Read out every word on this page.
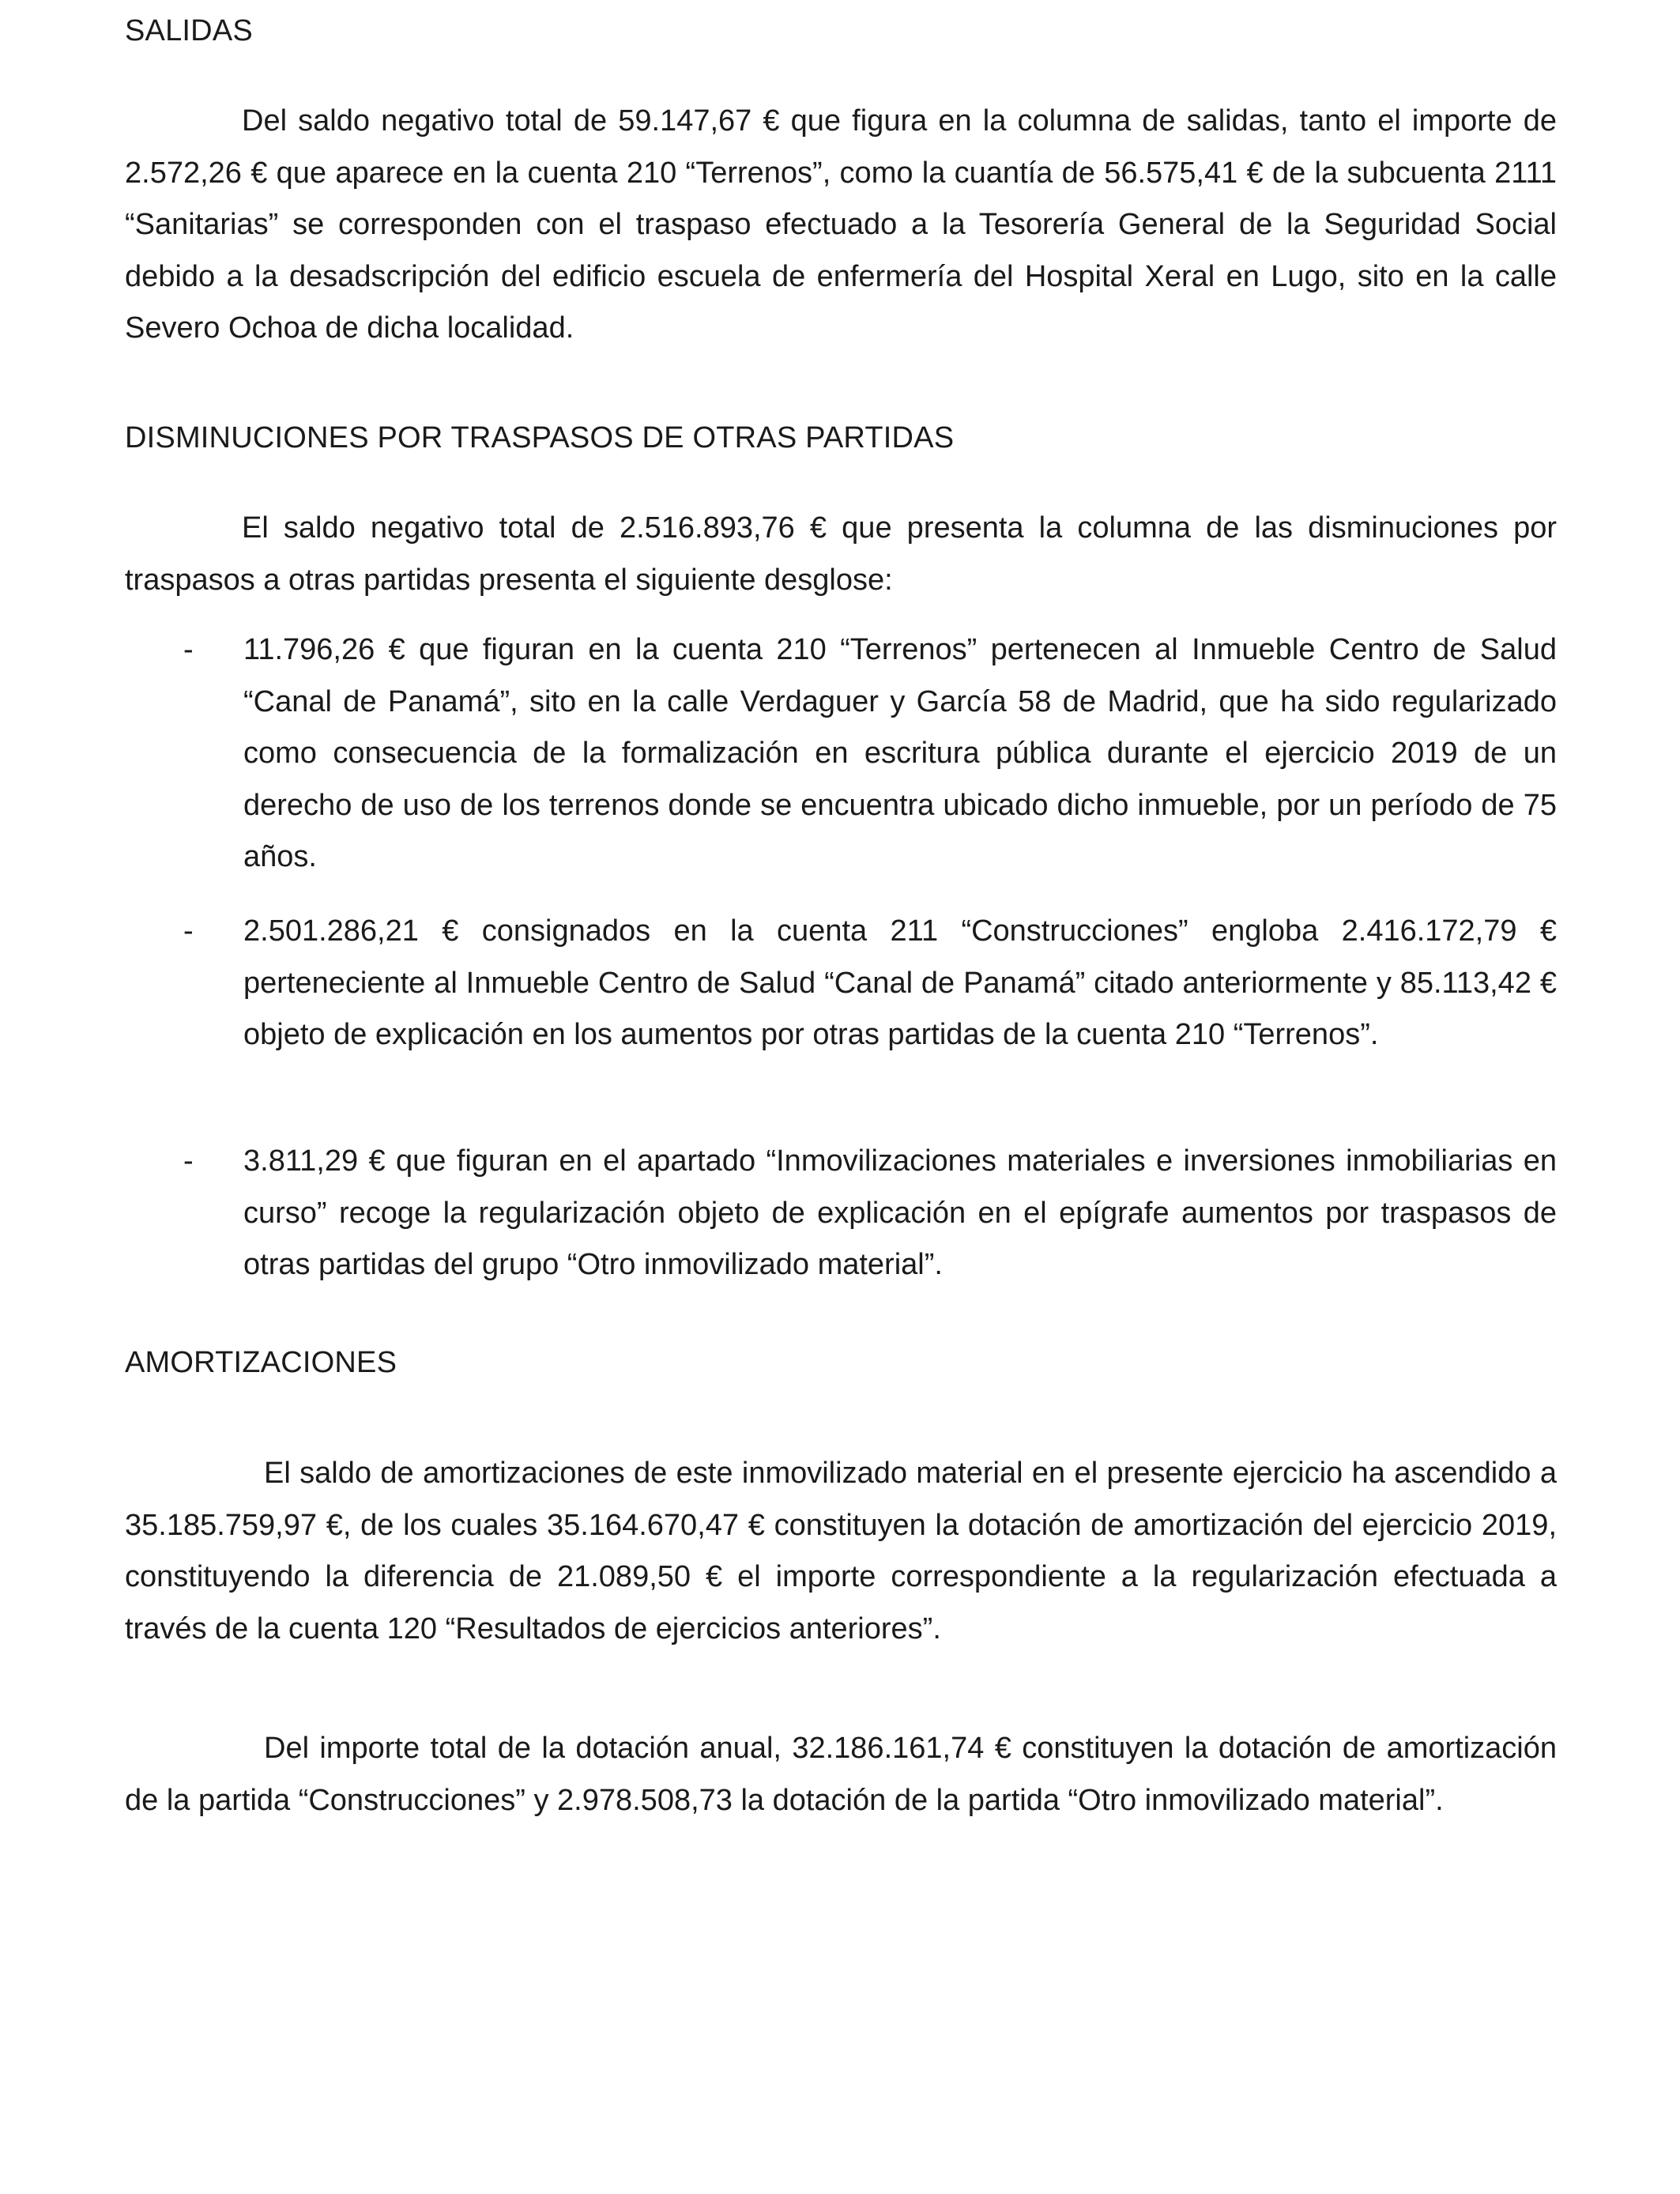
SALIDAS

Del saldo negativo total de 59.147,67 € que figura en la columna de salidas, tanto el importe de 2.572,26 € que aparece en la cuenta 210 “Terrenos”, como la cuantía de 56.575,41 € de la subcuenta 2111 “Sanitarias” se corresponden con el traspaso efectuado a la Tesorería General de la Seguridad Social debido a la desadscripción del edificio escuela de enfermería del Hospital Xeral en Lugo, sito en la calle Severo Ochoa de dicha localidad.

DISMINUCIONES POR TRASPASOS DE OTRAS PARTIDAS

El saldo negativo total de 2.516.893,76 € que presenta la columna de las disminuciones por traspasos a otras partidas presenta el siguiente desglose:

- 11.796,26 € que figuran en la cuenta 210 “Terrenos” pertenecen al Inmueble Centro de Salud “Canal de Panamá”, sito en la calle Verdaguer y García 58 de Madrid, que ha sido regularizado como consecuencia de la formalización en escritura pública durante el ejercicio 2019 de un derecho de uso de los terrenos donde se encuentra ubicado dicho inmueble, por un período de 75 años.

- 2.501.286,21 € consignados en la cuenta 211 “Construcciones” engloba 2.416.172,79 € perteneciente al Inmueble Centro de Salud “Canal de Panamá” citado anteriormente y 85.113,42 € objeto de explicación en los aumentos por otras partidas de la cuenta 210 “Terrenos”.

- 3.811,29 € que figuran en el apartado “Inmovilizaciones materiales e inversiones inmobiliarias en curso” recoge la regularización objeto de explicación en el epígrafe aumentos por traspasos de otras partidas del grupo “Otro inmovilizado material”.

AMORTIZACIONES

El saldo de amortizaciones de este inmovilizado material en el presente ejercicio ha ascendido a 35.185.759,97 €, de los cuales 35.164.670,47 € constituyen la dotación de amortización del ejercicio 2019, constituyendo la diferencia de 21.089,50 € el importe correspondiente a la regularización efectuada a través de la cuenta 120 “Resultados de ejercicios anteriores”.

Del importe total de la dotación anual, 32.186.161,74 € constituyen la dotación de amortización de la partida “Construcciones” y 2.978.508,73 la dotación de la partida “Otro inmovilizado material”.
